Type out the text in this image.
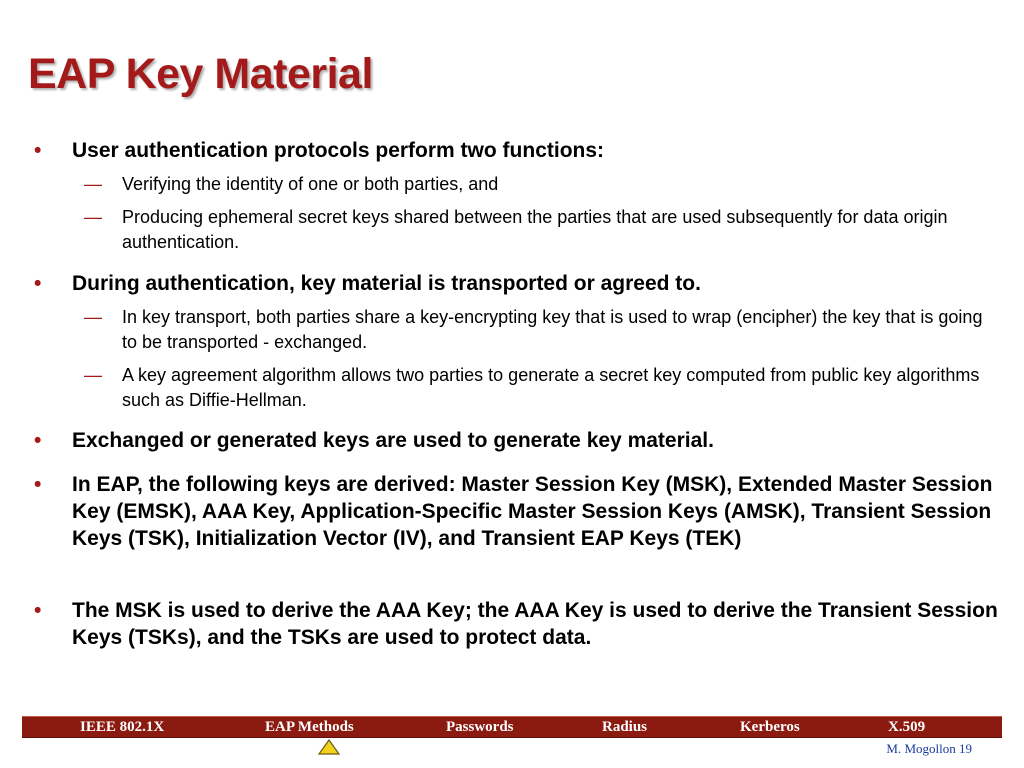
EAP Key Material
• User authentication protocols perform two functions:
— Verifying the identity of one or both parties, and
— Producing ephemeral secret keys shared between the parties that are used subsequently for data origin authentication.
• During authentication, key material is transported or agreed to.
— In key transport, both parties share a key-encrypting key that is used to wrap (encipher) the key that is going to be transported - exchanged.
— A key agreement algorithm allows two parties to generate a secret key computed from public key algorithms such as Diffie-Hellman.
• Exchanged or generated keys are used to generate key material.
• In EAP, the following keys are derived: Master Session Key (MSK), Extended Master Session Key (EMSK), AAA Key, Application-Specific Master Session Keys (AMSK), Transient Session Keys (TSK), Initialization Vector (IV), and Transient EAP Keys (TEK)
• The MSK is used to derive the AAA Key; the AAA Key is used to derive the Transient Session Keys (TSKs), and the TSKs are used to protect data.
IEEE 802.1X	EAP Methods	Passwords	Radius	Kerberos	X.509
M. Mogollon 19
